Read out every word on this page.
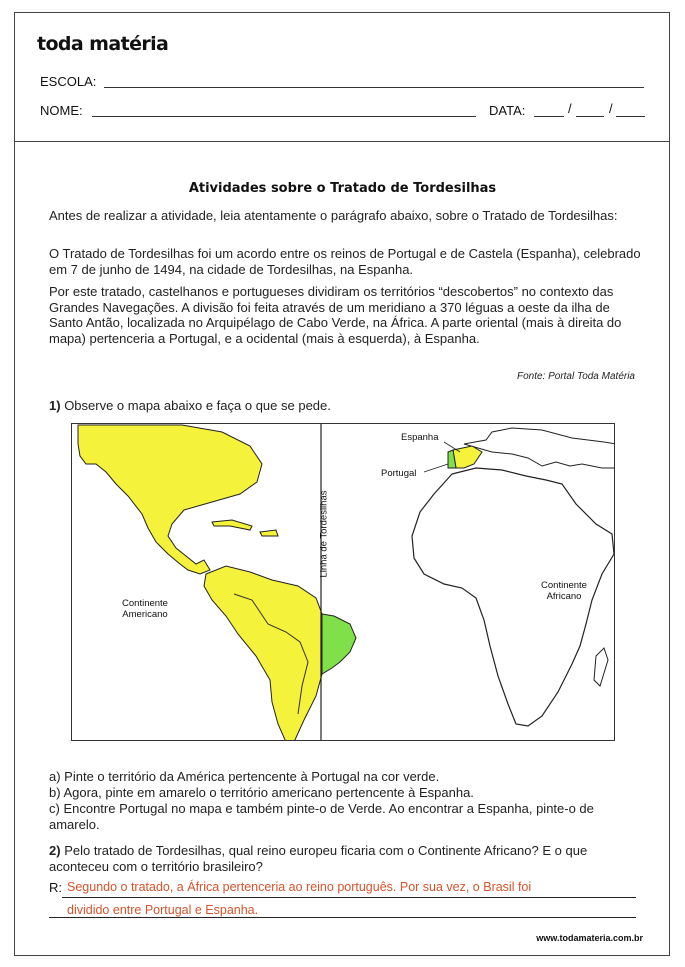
toda matéria
ESCOLA:
NOME:	DATA:	/	/
Atividades sobre o Tratado de Tordesilhas
Antes de realizar a atividade, leia atentamente o parágrafo abaixo, sobre o Tratado de Tordesilhas:
O Tratado de Tordesilhas foi um acordo entre os reinos de Portugal e de Castela (Espanha), celebrado em 7 de junho de 1494, na cidade de Tordesilhas, na Espanha.
Por este tratado, castelhanos e portugueses dividiram os territórios “descobertos” no contexto das Grandes Navegações. A divisão foi feita através de um meridiano a 370 léguas a oeste da ilha de Santo Antão, localizada no Arquipélago de Cabo Verde, na África. A parte oriental (mais à direita do mapa) pertenceria a Portugal, e a ocidental (mais à esquerda), à Espanha.
Fonte: Portal Toda Matéria
1) Observe o mapa abaixo e faça o que se pede.
Espanha
Portugal
Linha de Tordesilhas
Continente
Americano
Continente
Africano
a) Pinte o território da América pertencente à Portugal na cor verde.
b) Agora, pinte em amarelo o território americano pertencente à Espanha.
c) Encontre Portugal no mapa e também pinte-o de Verde. Ao encontrar a Espanha, pinte-o de amarelo.
2) Pelo tratado de Tordesilhas, qual reino europeu ficaria com o Continente Africano? E o que aconteceu com o território brasileiro?
R: Segundo o tratado, a África pertenceria ao reino português. Por sua vez, o Brasil foi
dividido entre Portugal e Espanha.
www.todamateria.com.br
